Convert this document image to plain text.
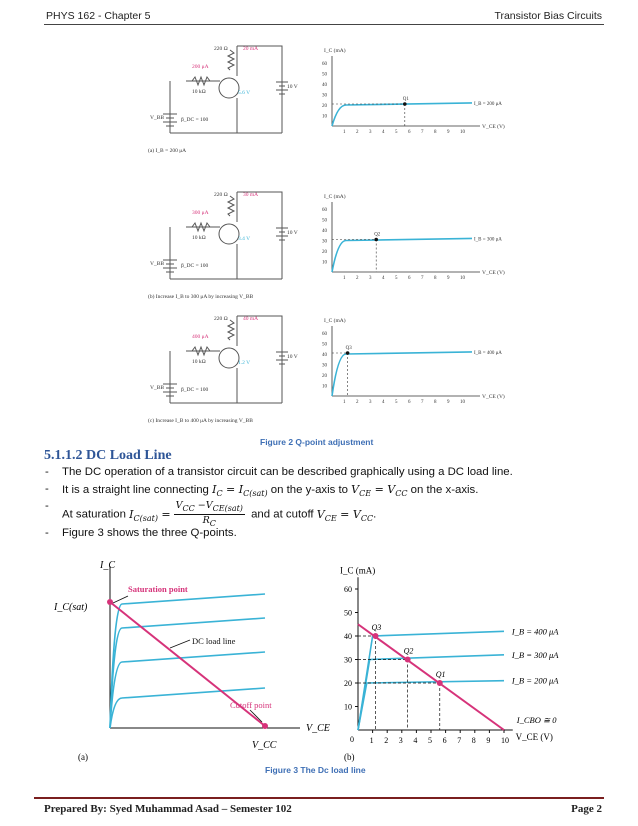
PHYS 162 - Chapter 5	Transistor Bias Circuits
220 Ω	20 mA
200 μA
10 kΩ	5.6 V
10 V
V_BB	β_DC = 100
(a) I_B = 200 μA
I_C (mA)
V_CE (V)
10
20
30
40
50
60
1 2 3 4 5 6 7 8 9 10
I_B = 200 μA
Q1
220 Ω	30 mA
300 μA
10 kΩ	3.4 V
10 V
V_BB	β_DC = 100
(b) Increase I_B to 300 μA by increasing V_BB
I_C (mA)
V_CE (V)
10
20
30
40
50
60
1 2 3 4 5 6 7 8 9 10
I_B = 300 μA
Q2
220 Ω	40 mA
400 μA
10 kΩ	1.2 V
10 V
V_BB	β_DC = 100
(c) Increase I_B to 400 μA by increasing V_BB
I_C (mA)
V_CE (V)
10
20
30
40
50
60
1 2 3 4 5 6 7 8 9 10
I_B = 400 μA
Q3
Figure 2 Q-point adjustment
5.1.1.2 DC Load Line
- The DC operation of a transistor circuit can be described graphically using a DC load line.
- It is a straight line connecting $I_C = I_{C(sat)}$ on the y-axis to $V_{CE} = V_{CC}$ on the x-axis.
- At saturation $I_{C(sat)} = \frac{V_{CC} -V_{CE(sat)}}{R_C}$ and at cutoff $V_{CE} = V_{CC}$.
- Figure 3 shows the three Q-points.
I_C
I_C(sat)
Saturation point
DC load line
Cutoff point
V_CE
V_CC
(a)
I_C (mA)
V_CE (V)
0
10
20
30
40
50
60
1 2 3 4 5 6 7 8 9 10
I_B = 400 μA
I_B = 300 μA
I_B = 200 μA
I_CBO ≅ 0
Q3
Q2
Q1
(b)
Figure 3 The Dc load line
Prepared By: Syed Muhammad Asad – Semester 102	Page 2
